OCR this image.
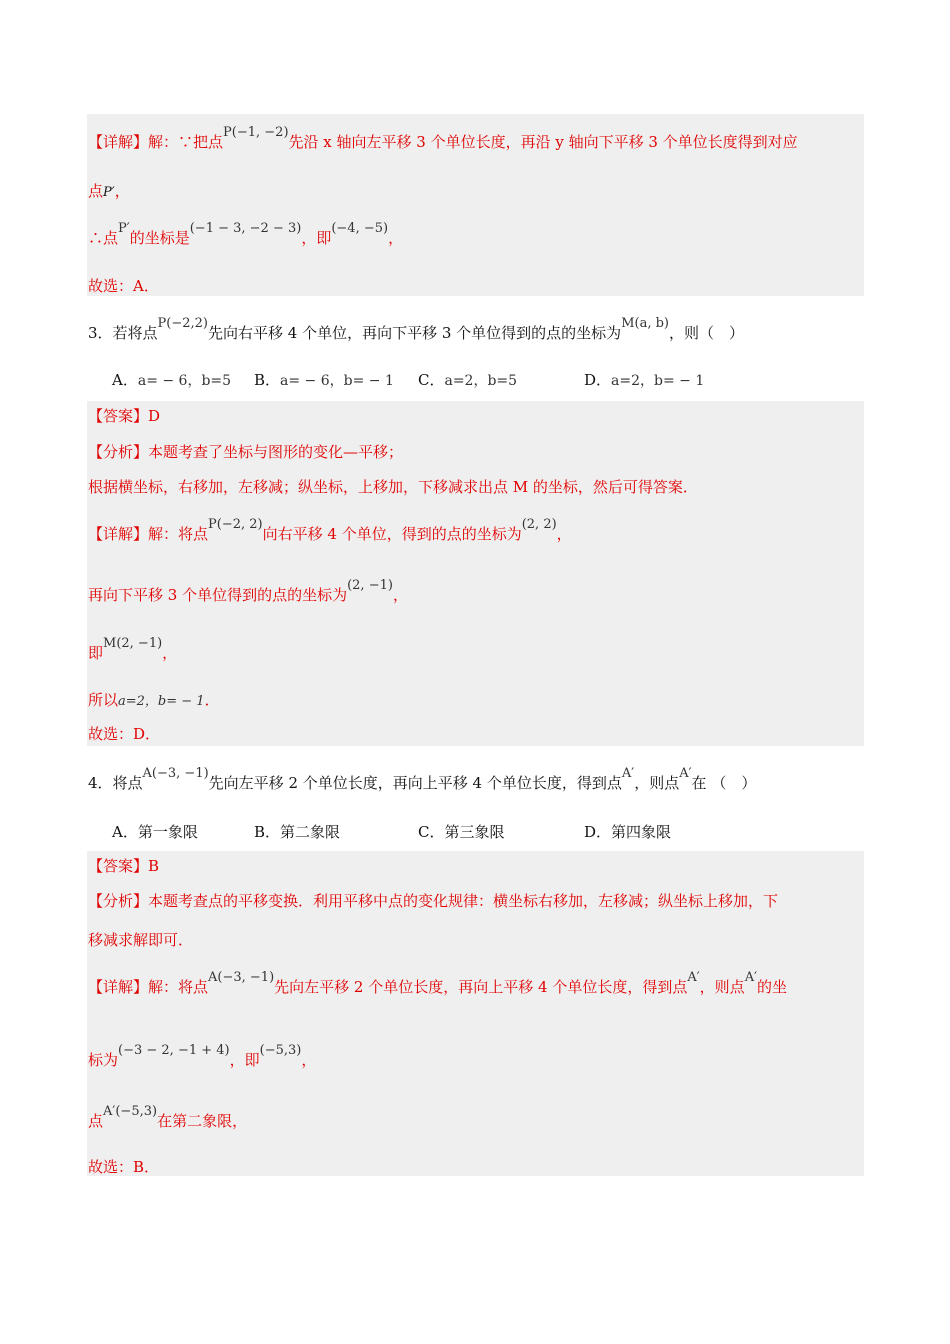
【详解】解：∵把点P(−1, −2)先沿 x 轴向左平移 3 个单位长度，再沿 y 轴向下平移 3 个单位长度得到对应
点P′，
∴点P′的坐标是(−1 − 3, −2 − 3)，即(−4, −5)，
故选：A．
3．若将点P(−2,2)先向右平移 4 个单位，再向下平移 3 个单位得到的点的坐标为M(a, b)，则（　）
A．a= − 6，b=5 B．a= − 6，b= − 1 C．a=2，b=5	D．a=2，b= − 1
【答案】D
【分析】本题考查了坐标与图形的变化—平移；
根据横坐标，右移加，左移减；纵坐标，上移加，下移减求出点 M 的坐标，然后可得答案．
【详解】解：将点P(−2, 2)向右平移 4 个单位，得到的点的坐标为(2, 2)，
再向下平移 3 个单位得到的点的坐标为(2, −1)，
即M(2, −1)，
所以a=2，b= − 1．
故选：D．
4．将点A(−3, −1)先向左平移 2 个单位长度，再向上平移 4 个单位长度，得到点A′，则点A′在 （　）
A．第一象限	B．第二象限	C．第三象限	D．第四象限
【答案】B
【分析】本题考查点的平移变换．利用平移中点的变化规律：横坐标右移加，左移减；纵坐标上移加，下
移减求解即可．
【详解】解：将点A(−3, −1)先向左平移 2 个单位长度，再向上平移 4 个单位长度，得到点A′，则点A′的坐
标为(−3 − 2, −1 + 4)，即(−5,3)，
点A′(−5,3)在第二象限，
故选：B．
